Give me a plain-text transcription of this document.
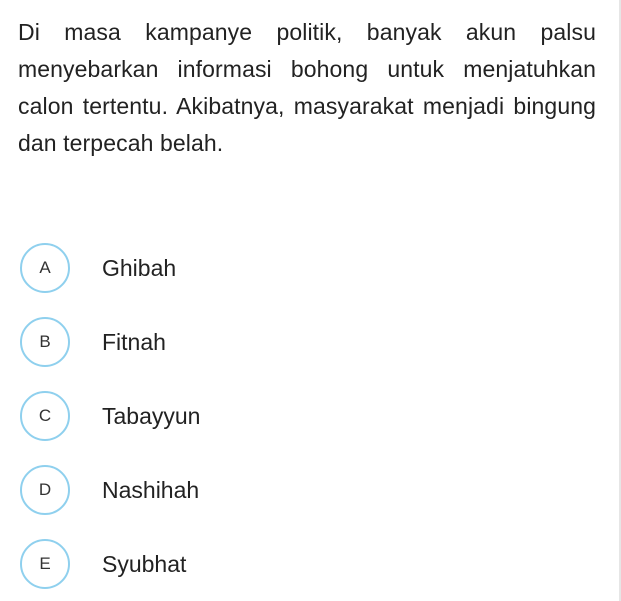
Di masa kampanye politik, banyak akun palsu menyebarkan informasi bohong untuk menjatuhkan calon tertentu. Akibatnya, masyarakat menjadi bingung dan terpecah belah.
A	Ghibah
B	Fitnah
C	Tabayyun
D	Nashihah
E	Syubhat
